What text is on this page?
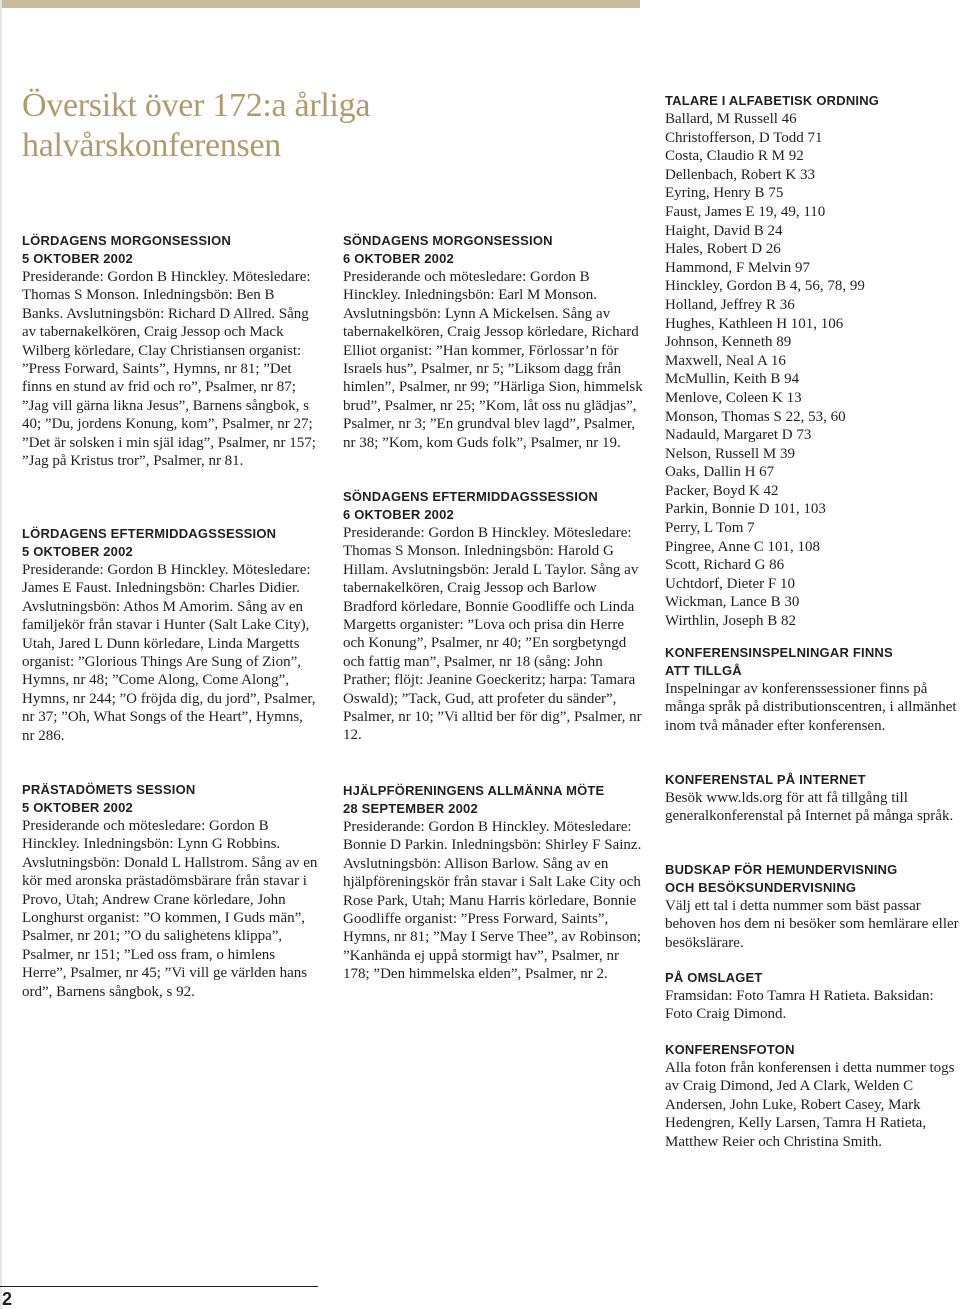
Översikt över 172:a årliga halvårskonferensen
LÖRDAGENS MORGONSESSION
5 OKTOBER 2002
Presiderande: Gordon B Hinckley. Mötesledare: Thomas S Monson. Inledningsbön: Ben B Banks. Avslutningsbön: Richard D Allred. Sång av tabernakelkören, Craig Jessop och Mack Wilberg körledare, Clay Christiansen organist: ”Press Forward, Saints”, Hymns, nr 81; ”Det finns en stund av frid och ro”, Psalmer, nr 87; ”Jag vill gärna likna Jesus”, Barnens sångbok, s 40; ”Du, jordens Konung, kom”, Psalmer, nr 27; ”Det är solsken i min själ idag”, Psalmer, nr 157; ”Jag på Kristus tror”, Psalmer, nr 81.
LÖRDAGENS EFTERMIDDAGSSESSION
5 OKTOBER 2002
Presiderande: Gordon B Hinckley. Mötesledare: James E Faust. Inledningsbön: Charles Didier. Avslutningsbön: Athos M Amorim. Sång av en familjekör från stavar i Hunter (Salt Lake City), Utah, Jared L Dunn körledare, Linda Margetts organist: ”Glorious Things Are Sung of Zion”, Hymns, nr 48; ”Come Along, Come Along”, Hymns, nr 244; ”O fröjda dig, du jord”, Psalmer, nr 37; ”Oh, What Songs of the Heart”, Hymns, nr 286.
PRÄSTADÖMETS SESSION
5 OKTOBER 2002
Presiderande och mötesledare: Gordon B Hinckley. Inledningsbön: Lynn G Robbins. Avslutningsbön: Donald L Hallstrom. Sång av en kör med aronska prästadömsbärare från stavar i Provo, Utah; Andrew Crane körledare, John Longhurst organist: ”O kommen, I Guds män”, Psalmer, nr 201; ”O du salighetens klippa”, Psalmer, nr 151; ”Led oss fram, o himlens Herre”, Psalmer, nr 45; ”Vi vill ge världen hans ord”, Barnens sångbok, s 92.
SÖNDAGENS MORGONSESSION
6 OKTOBER 2002
Presiderande och mötesledare: Gordon B Hinckley. Inledningsbön: Earl M Monson. Avslutningsbön: Lynn A Mickelsen. Sång av tabernakelkören, Craig Jessop körledare, Richard Elliot organist: ”Han kommer, Förlossar’n för Israels hus”, Psalmer, nr 5; ”Liksom dagg från himlen”, Psalmer, nr 99; ”Härliga Sion, himmelsk brud”, Psalmer, nr 25; ”Kom, låt oss nu glädjas”, Psalmer, nr 3; ”En grundval blev lagd”, Psalmer, nr 38; ”Kom, kom Guds folk”, Psalmer, nr 19.
SÖNDAGENS EFTERMIDDAGSSESSION
6 OKTOBER 2002
Presiderande: Gordon B Hinckley. Mötesledare: Thomas S Monson. Inledningsbön: Harold G Hillam. Avslutningsbön: Jerald L Taylor. Sång av tabernakelkören, Craig Jessop och Barlow Bradford körledare, Bonnie Goodliffe och Linda Margetts organister: ”Lova och prisa din Herre och Konung”, Psalmer, nr 40; ”En sorgbetyngd och fattig man”, Psalmer, nr 18 (sång: John Prather; flöjt: Jeanine Goeckeritz; harpa: Tamara Oswald); ”Tack, Gud, att profeter du sänder”, Psalmer, nr 10; ”Vi alltid ber för dig”, Psalmer, nr 12.
HJÄLPFÖRENINGENS ALLMÄNNA MÖTE
28 SEPTEMBER 2002
Presiderande: Gordon B Hinckley. Mötesledare: Bonnie D Parkin. Inledningsbön: Shirley F Sainz. Avslutningsbön: Allison Barlow. Sång av en hjälpföreningskör från stavar i Salt Lake City och Rose Park, Utah; Manu Harris körledare, Bonnie Goodliffe organist: ”Press Forward, Saints”, Hymns, nr 81; ”May I Serve Thee”, av Robinson; ”Kanhända ej uppå stormigt hav”, Psalmer, nr 178; ”Den himmelska elden”, Psalmer, nr 2.
TALARE I ALFABETISK ORDNING
Ballard, M Russell 46
Christofferson, D Todd 71
Costa, Claudio R M 92
Dellenbach, Robert K 33
Eyring, Henry B 75
Faust, James E 19, 49, 110
Haight, David B 24
Hales, Robert D 26
Hammond, F Melvin 97
Hinckley, Gordon B 4, 56, 78, 99
Holland, Jeffrey R 36
Hughes, Kathleen H 101, 106
Johnson, Kenneth 89
Maxwell, Neal A 16
McMullin, Keith B 94
Menlove, Coleen K 13
Monson, Thomas S 22, 53, 60
Nadauld, Margaret D 73
Nelson, Russell M 39
Oaks, Dallin H 67
Packer, Boyd K 42
Parkin, Bonnie D 101, 103
Perry, L Tom 7
Pingree, Anne C 101, 108
Scott, Richard G 86
Uchtdorf, Dieter F 10
Wickman, Lance B 30
Wirthlin, Joseph B 82
KONFERENSINSPELNINGAR FINNS
ATT TILLGÅ
Inspelningar av konferenssessioner finns på många språk på distributionscentren, i allmänhet inom två månader efter konferensen.
KONFERENSTAL PÅ INTERNET
Besök www.lds.org för att få tillgång till generalkonferenstal på Internet på många språk.
BUDSKAP FÖR HEMUNDERVISNING
OCH BESÖKSUNDERVISNING
Välj ett tal i detta nummer som bäst passar behoven hos dem ni besöker som hemlärare eller besökslärare.
PÅ OMSLAGET
Framsidan: Foto Tamra H Ratieta. Baksidan: Foto Craig Dimond.
KONFERENSFOTON
Alla foton från konferensen i detta nummer togs av Craig Dimond, Jed A Clark, Welden C Andersen, John Luke, Robert Casey, Mark Hedengren, Kelly Larsen, Tamra H Ratieta, Matthew Reier och Christina Smith.
2
